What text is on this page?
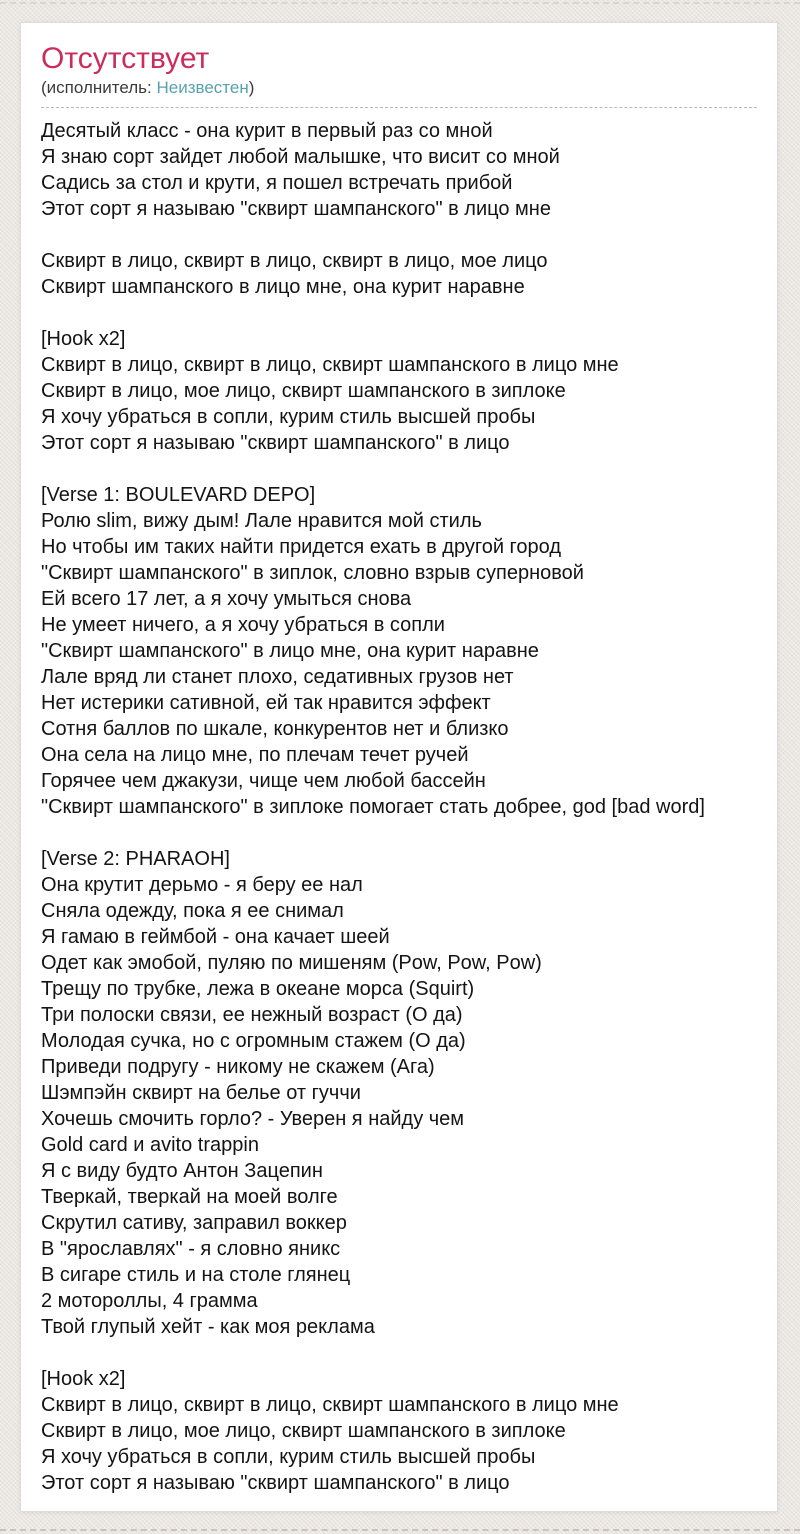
Отсутствует
(исполнитель: Неизвестен)
Десятый класс - она курит в первый раз со мной
Я знаю сорт зайдет любой малышке, что висит со мной
Садись за стол и крути, я пошел встречать прибой
Этот сорт я называю "сквирт шампанского" в лицо мне

Сквирт в лицо, сквирт в лицо, сквирт в лицо, мое лицо
Сквирт шампанского в лицо мне, она курит наравне

[Hook x2]
Сквирт в лицо, сквирт в лицо, сквирт шампанского в лицо мне
Сквирт в лицо, мое лицо, сквирт шампанского в зиплоке
Я хочу убраться в сопли, курим стиль высшей пробы
Этот сорт я называю "сквирт шампанского" в лицо

[Verse 1: BOULEVARD DEPO]
Ролю slim, вижу дым! Лале нравится мой стиль
Но чтобы им таких найти придется ехать в другой город
"Сквирт шампанского" в зиплок, словно взрыв суперновой
Ей всего 17 лет, а я хочу умыться снова
Не умеет ничего, а я хочу убраться в сопли
"Сквирт шампанского" в лицо мне, она курит наравне
Лале вряд ли станет плохо, седативных грузов нет
Нет истерики сативной, ей так нравится эффект
Сотня баллов по шкале, конкурентов нет и близко
Она села на лицо мне, по плечам течет ручей
Горячее чем джакузи, чище чем любой бассейн
"Сквирт шампанского" в зиплоке помогает стать добрее, god [bad word]

[Verse 2: PHARAOH]
Она крутит дерьмо - я беру ее нал
Сняла одежду, пока я ее снимал
Я гамаю в геймбой - она качает шеей
Одет как эмобой, пуляю по мишеням (Pow, Pow, Pow)
Трещу по трубке, лежа в океане морса (Squirt)
Три полоски связи, ее нежный возраст (О да)
Молодая сучка, но с огромным стажем (О да)
Приведи подругу - никому не скажем (Ага)
Шэмпэйн сквирт на белье от гуччи
Хочешь смочить горло? - Уверен я найду чем
Gold card и avito trappin
Я с виду будто Антон Зацепин
Тверкай, тверкай на моей волге
Скрутил сативу, заправил воккер
В "ярославлях" - я словно яникс
В сигаре стиль и на столе глянец
2 мотороллы, 4 грамма
Твой глупый хейт - как моя реклама

[Hook x2]
Сквирт в лицо, сквирт в лицо, сквирт шампанского в лицо мне
Сквирт в лицо, мое лицо, сквирт шампанского в зиплоке
Я хочу убраться в сопли, курим стиль высшей пробы
Этот сорт я называю "сквирт шампанского" в лицо
